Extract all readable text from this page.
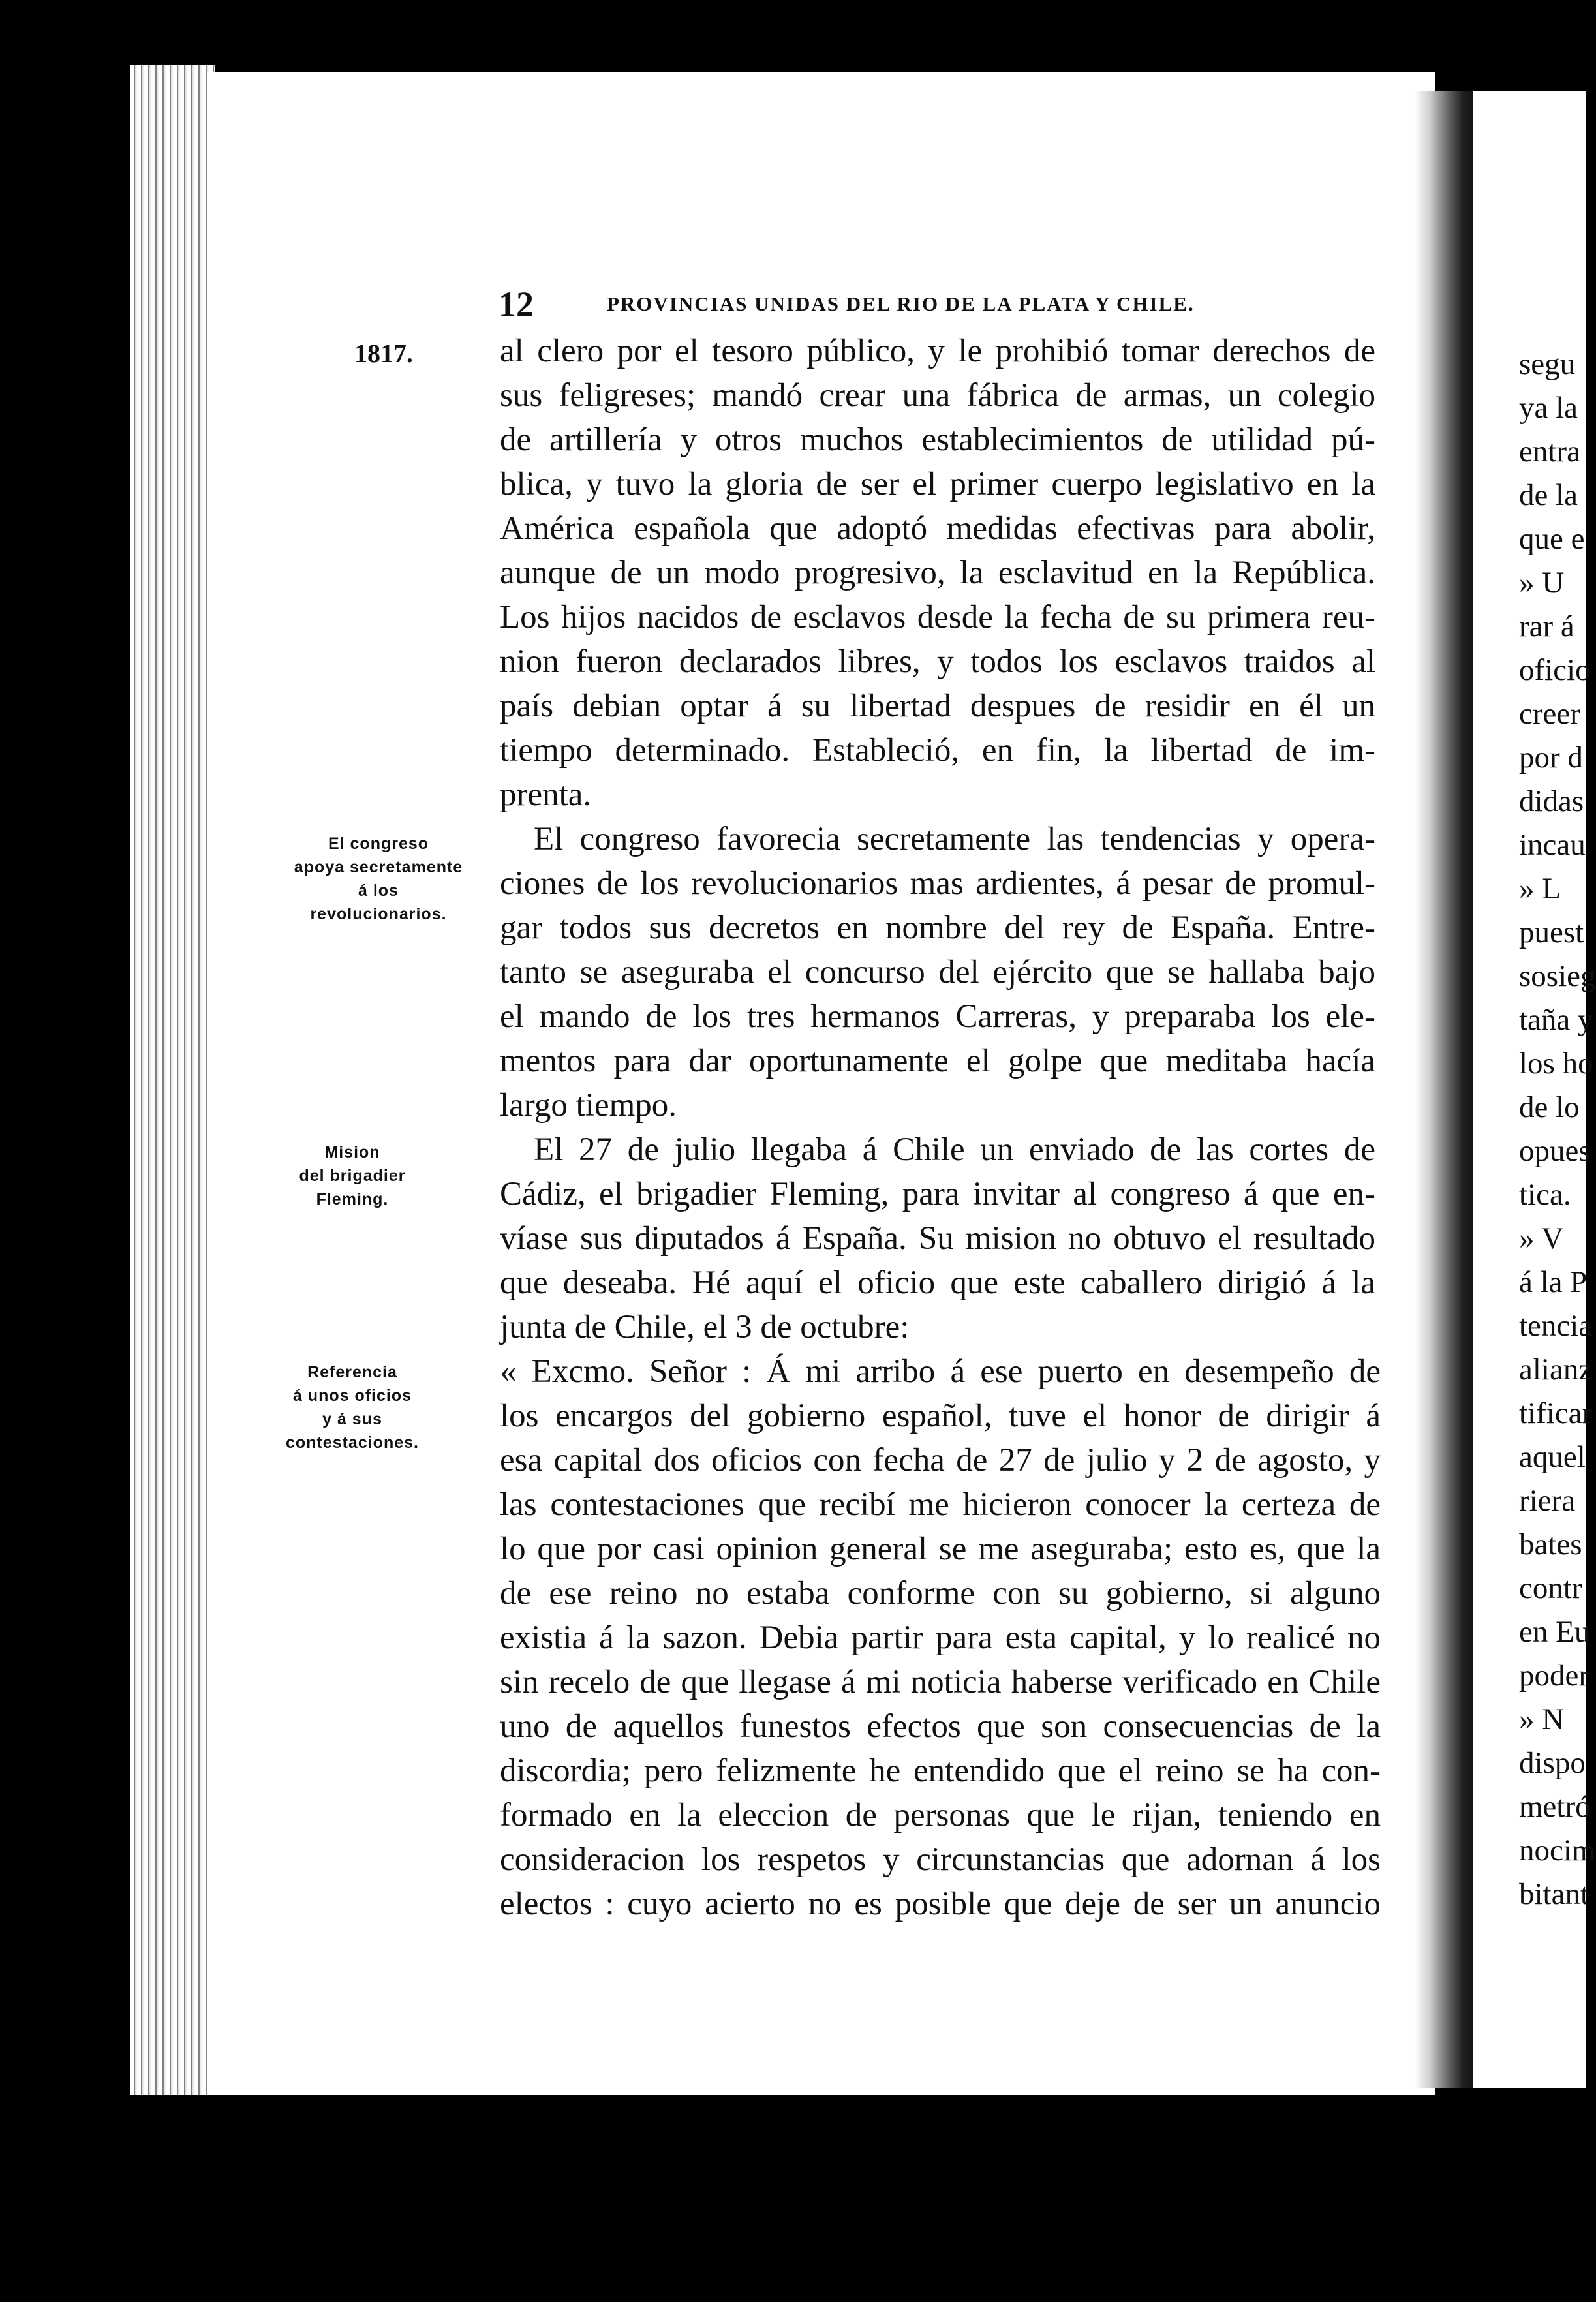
segu
ya la
entra
de la
que e
» U
rar á
oficio
creer
por d
didas
incau
» L
puest
sosieg
taña y
los ho
de lo
opues
tica.
» V
á la P
tencia
alianz
tificar
aquel
riera
bates
contr
en Eu
poder
» N
dispo
metró
nocim
bitant
12	PROVINCIAS UNIDAS DEL RIO DE LA PLATA Y CHILE.
1817.
El congreso
apoya secretamente
á los
revolucionarios.
Mision
del brigadier
Fleming.
Referencia
á unos oficios
y á sus
contestaciones.
al clero por el tesoro público, y le prohibió tomar derechos de
sus feligreses; mandó crear una fábrica de armas, un colegio
de artillería y otros muchos establecimientos de utilidad pú-
blica, y tuvo la gloria de ser el primer cuerpo legislativo en la
América española que adoptó medidas efectivas para abolir,
aunque de un modo progresivo, la esclavitud en la República.
Los hijos nacidos de esclavos desde la fecha de su primera reu-
nion fueron declarados libres, y todos los esclavos traidos al
país debian optar á su libertad despues de residir en él un
tiempo determinado. Estableció, en fin, la libertad de im-
prenta.
El congreso favorecia secretamente las tendencias y opera-
ciones de los revolucionarios mas ardientes, á pesar de promul-
gar todos sus decretos en nombre del rey de España. Entre-
tanto se aseguraba el concurso del ejército que se hallaba bajo
el mando de los tres hermanos Carreras, y preparaba los ele-
mentos para dar oportunamente el golpe que meditaba hacía
largo tiempo.
El 27 de julio llegaba á Chile un enviado de las cortes de
Cádiz, el brigadier Fleming, para invitar al congreso á que en-
víase sus diputados á España. Su mision no obtuvo el resultado
que deseaba. Hé aquí el oficio que este caballero dirigió á la
junta de Chile, el 3 de octubre:
« Excmo. Señor : Á mi arribo á ese puerto en desempeño de
los encargos del gobierno español, tuve el honor de dirigir á
esa capital dos oficios con fecha de 27 de julio y 2 de agosto, y
las contestaciones que recibí me hicieron conocer la certeza de
lo que por casi opinion general se me aseguraba; esto es, que la
de ese reino no estaba conforme con su gobierno, si alguno
existia á la sazon. Debia partir para esta capital, y lo realicé no
sin recelo de que llegase á mi noticia haberse verificado en Chile
uno de aquellos funestos efectos que son consecuencias de la
discordia; pero felizmente he entendido que el reino se ha con-
formado en la eleccion de personas que le rijan, teniendo en
consideracion los respetos y circunstancias que adornan á los
electos : cuyo acierto no es posible que deje de ser un anuncio
